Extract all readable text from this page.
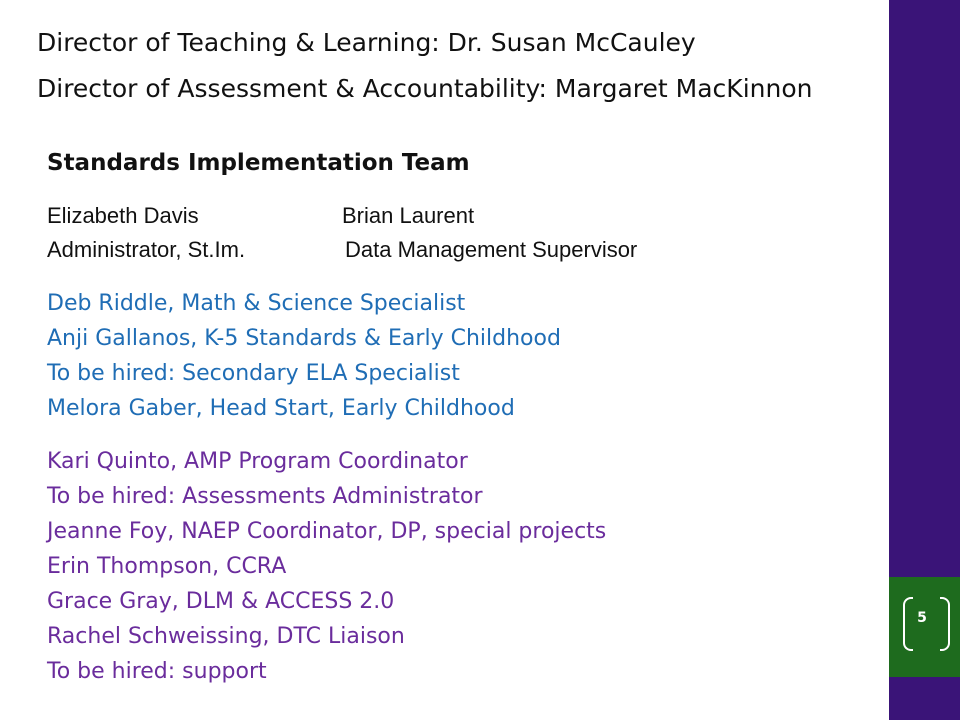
5
Director of Teaching & Learning: Dr. Susan McCauley
Director of Assessment & Accountability: Margaret MacKinnon
Standards Implementation Team
Elizabeth Davis	Brian Laurent
Administrator, St.Im.	Data Management Supervisor
Deb Riddle, Math & Science Specialist
Anji Gallanos, K-5 Standards & Early Childhood
To be hired: Secondary ELA Specialist
Melora Gaber, Head Start, Early Childhood
Kari Quinto, AMP Program Coordinator
To be hired: Assessments Administrator
Jeanne Foy, NAEP Coordinator, DP, special projects
Erin Thompson, CCRA
Grace Gray, DLM & ACCESS 2.0
Rachel Schweissing, DTC Liaison
To be hired: support
